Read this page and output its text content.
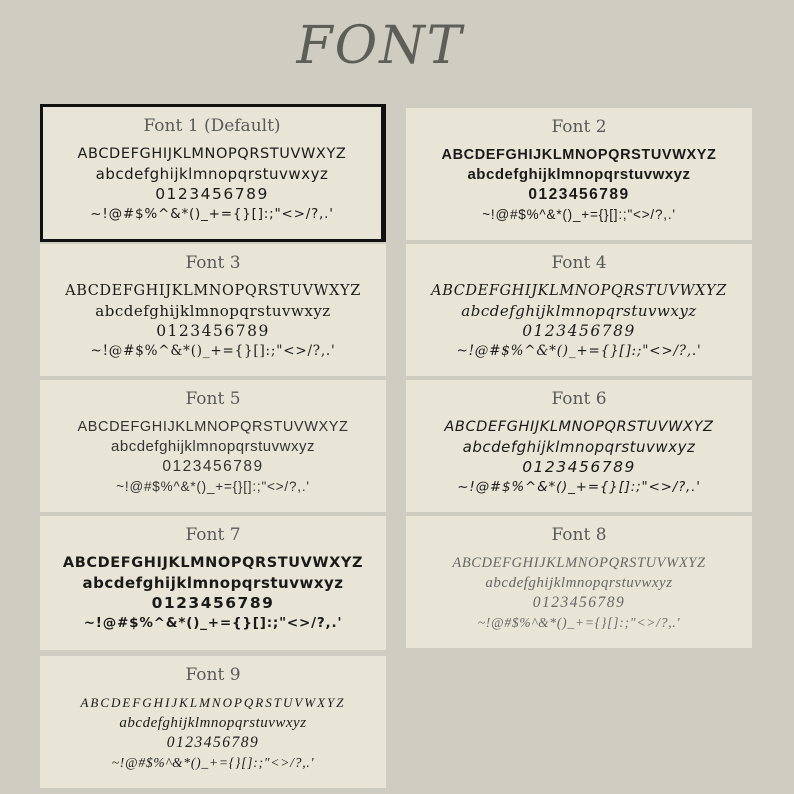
FONT
Font 1 (Default)
ABCDEFGHIJKLMNOPQRSTUVWXYZ
abcdefghijklmnopqrstuvwxyz
0123456789
~!@#$%^&*()_+={}[]:;"<>/?,.'
Font 2
ABCDEFGHIJKLMNOPQRSTUVWXYZ
abcdefghijklmnopqrstuvwxyz
0123456789
~!@#$%^&*()_+={}[]:;"<>/?,.'
Font 3
ABCDEFGHIJKLMNOPQRSTUVWXYZ
abcdefghijklmnopqrstuvwxyz
0123456789
~!@#$%^&*()_+={}[]:;"<>/?,.'
Font 4
ABCDEFGHIJKLMNOPQRSTUVWXYZ
abcdefghijklmnopqrstuvwxyz
0123456789
~!@#$%^&*()_+={}[]:;"<>/?,.'
Font 5
ABCDEFGHIJKLMNOPQRSTUVWXYZ
abcdefghijklmnopqrstuvwxyz
0123456789
~!@#$%^&*()_+={}[]:;"<>/?,.'
Font 6
ABCDEFGHIJKLMNOPQRSTUVWXYZ
abcdefghijklmnopqrstuvwxyz
0123456789
~!@#$%^&*()_+={}[]:;"<>/?,.'
Font 7
ABCDEFGHIJKLMNOPQRSTUVWXYZ
abcdefghijklmnopqrstuvwxyz
0123456789
~!@#$%^&*()_+={}[]:;"<>/?,.'
Font 8
ABCDEFGHIJKLMNOPQRSTUVWXYZ
abcdefghijklmnopqrstuvwxyz
0123456789
~!@#$%^&*()_+={}[]:;"<>/?,.'
Font 9
ABCDEFGHIJKLMNOPQRSTUVWXYZ
abcdefghijklmnopqrstuvwxyz
0123456789
~!@#$%^&*()_+={}[]:;"<>/?,.'
